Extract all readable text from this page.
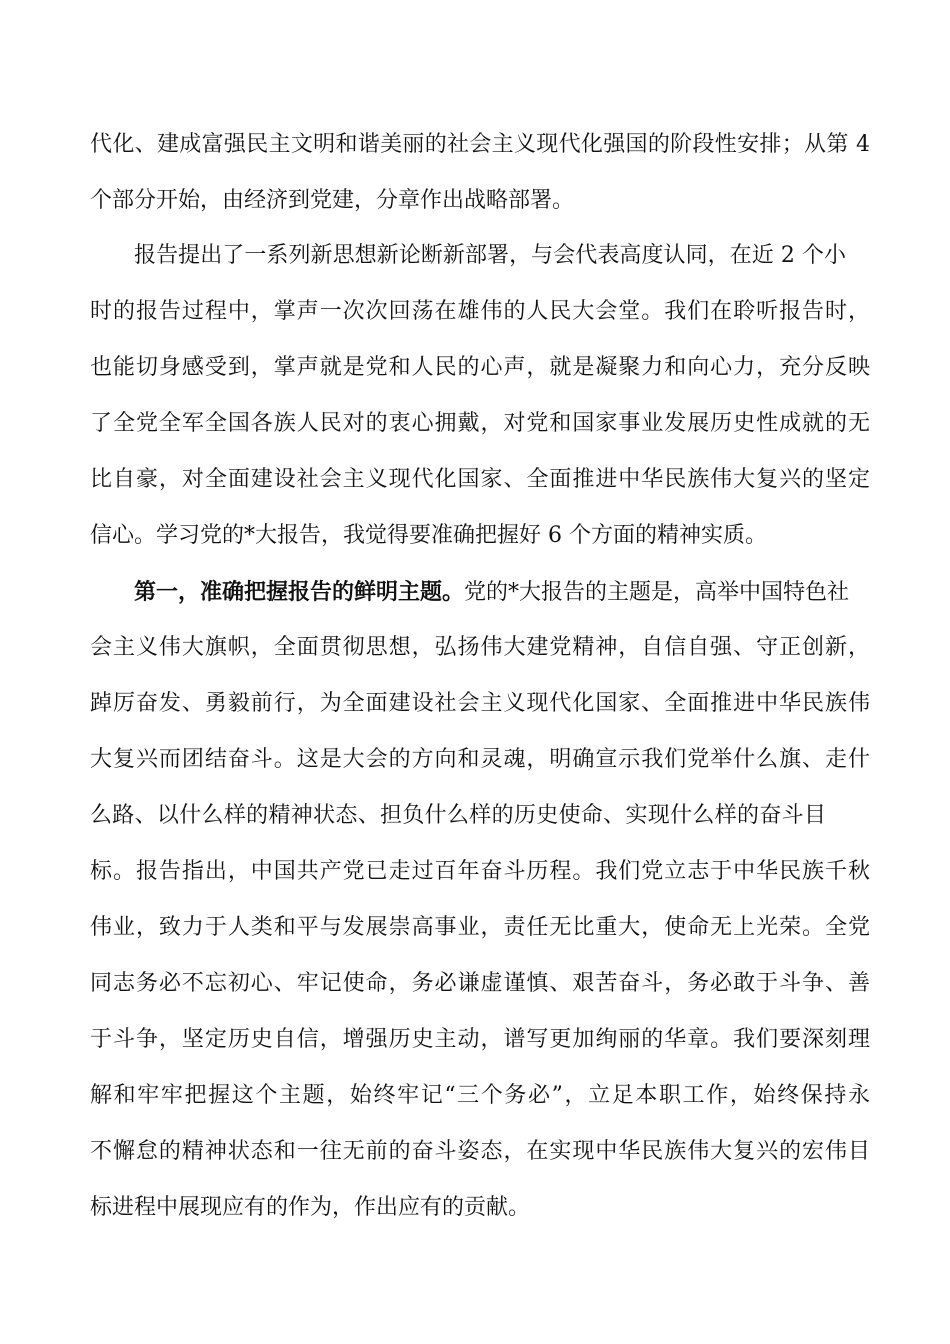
代化、建成富强民主文明和谐美丽的社会主义现代化强国的阶段性安排；从第 4
个部分开始，由经济到党建，分章作出战略部署。
报告提出了一系列新思想新论断新部署，与会代表高度认同，在近 2 个小
时的报告过程中，掌声一次次回荡在雄伟的人民大会堂。我们在聆听报告时，
也能切身感受到，掌声就是党和人民的心声，就是凝聚力和向心力，充分反映
了全党全军全国各族人民对的衷心拥戴，对党和国家事业发展历史性成就的无
比自豪，对全面建设社会主义现代化国家、全面推进中华民族伟大复兴的坚定
信心。学习党的*大报告，我觉得要准确把握好 6 个方面的精神实质。
第一，准确把握报告的鲜明主题。党的*大报告的主题是，高举中国特色社
会主义伟大旗帜，全面贯彻思想，弘扬伟大建党精神，自信自强、守正创新，
踔厉奋发、勇毅前行，为全面建设社会主义现代化国家、全面推进中华民族伟
大复兴而团结奋斗。这是大会的方向和灵魂，明确宣示我们党举什么旗、走什
么路、以什么样的精神状态、担负什么样的历史使命、实现什么样的奋斗目
标。报告指出，中国共产党已走过百年奋斗历程。我们党立志于中华民族千秋
伟业，致力于人类和平与发展崇高事业，责任无比重大，使命无上光荣。全党
同志务必不忘初心、牢记使命，务必谦虚谨慎、艰苦奋斗，务必敢于斗争、善
于斗争，坚定历史自信，增强历史主动，谱写更加绚丽的华章。我们要深刻理
解和牢牢把握这个主题，始终牢记“三个务必”，立足本职工作，始终保持永
不懈怠的精神状态和一往无前的奋斗姿态，在实现中华民族伟大复兴的宏伟目
标进程中展现应有的作为，作出应有的贡献。
